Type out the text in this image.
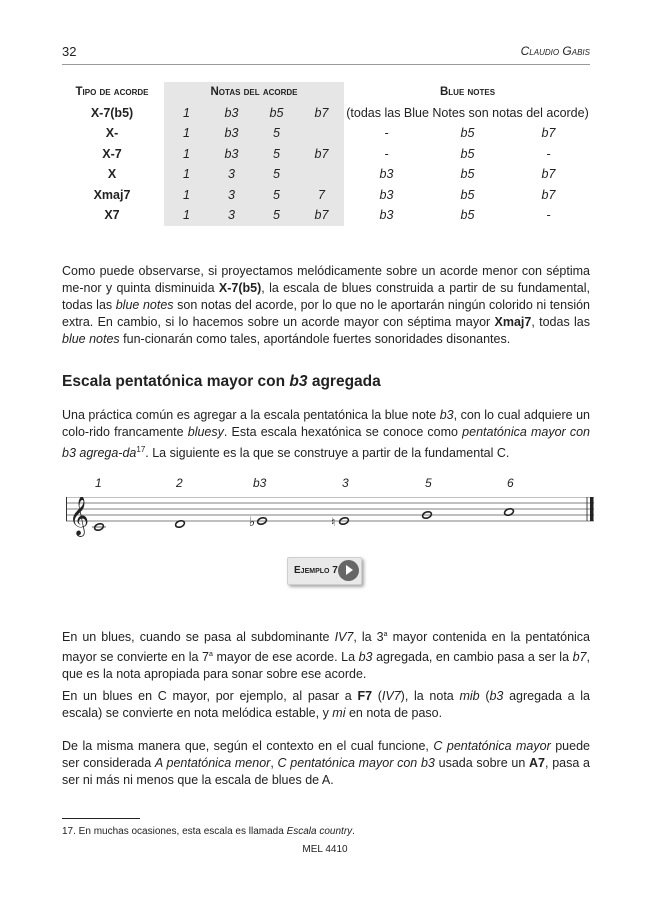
32	Claudio Gabis
Tipo de acorde		Notas del acorde					Blue notes		
X-7(b5)		1	b3	b5	b7		(todas las Blue Notes son notas del acorde)		
X-		1	b3	5			-	b5	b7
X-7		1	b3	5	b7		-	b5	-
X		1	3	5			b3	b5	b7
Xmaj7		1	3	5	7		b3	b5	b7
X7		1	3	5	b7		b3	b5	-

Como puede observarse, si proyectamos melódicamente sobre un acorde menor con séptima me-nor y quinta disminuida X-7(b5), la escala de blues construida a partir de su fundamental, todas las blue notes son notas del acorde, por lo que no le aportarán ningún colorido ni tensión extra. En cambio, si lo hacemos sobre un acorde mayor con séptima mayor Xmaj7, todas las blue notes fun-cionarán como tales, aportándole fuertes sonoridades disonantes.

Escala pentatónica mayor con b3 agregada

Una práctica común es agregar a la escala pentatónica la blue note b3, con lo cual adquiere un colo-rido francamente bluesy. Esta escala hexatónica se conoce como pentatónica mayor con b3 agrega-$da^{17}$. La siguiente es la que se construye a partir de la fundamental C.

1	2	b3	3	5	6
𝄞	♭	♮
Ejemplo 7

En un blues, cuando se pasa al subdominante IV7, la 3$^a$ mayor contenida en la pentatónica mayor se convierte en la 7$^a$ mayor de ese acorde. La b3 agregada, en cambio pasa a ser la b7, que es la nota apropiada para sonar sobre ese acorde.

En un blues en C mayor, por ejemplo, al pasar a F7 (IV7), la nota mib (b3 agregada a la escala) se convierte en nota melódica estable, y mi en nota de paso.

De la misma manera que, según el contexto en el cual funcione, C pentatónica mayor puede ser considerada A pentatónica menor, C pentatónica mayor con b3 usada sobre un A7, pasa a ser ni más ni menos que la escala de blues de A.

17. En muchas ocasiones, esta escala es llamada Escala country.
MEL 4410
